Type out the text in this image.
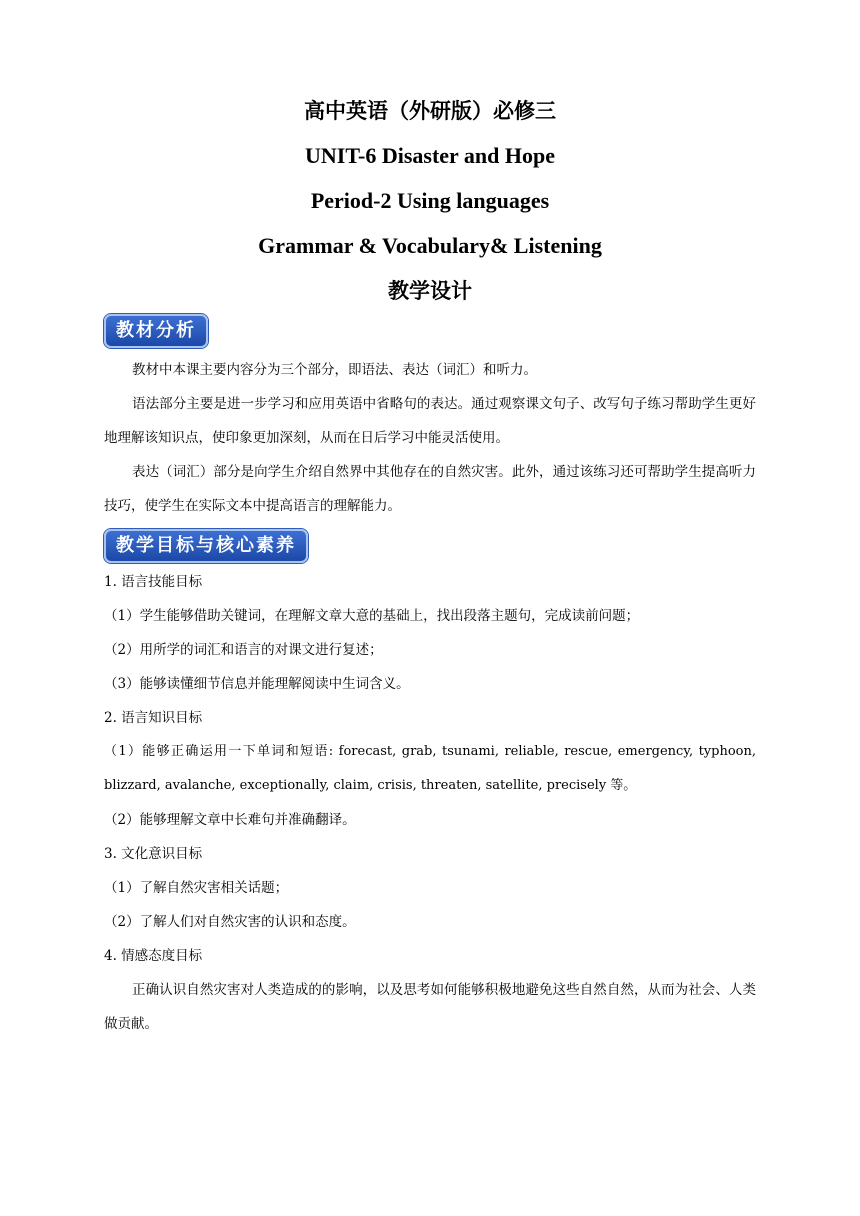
高中英语（外研版）必修三
UNIT-6 Disaster and Hope
Period-2 Using languages
Grammar & Vocabulary& Listening
教学设计
教材分析
教材中本课主要内容分为三个部分，即语法、表达（词汇）和听力。
语法部分主要是进一步学习和应用英语中省略句的表达。通过观察课文句子、改写句子练习帮助学生更好地理解该知识点，使印象更加深刻，从而在日后学习中能灵活使用。
表达（词汇）部分是向学生介绍自然界中其他存在的自然灾害。此外，通过该练习还可帮助学生提高听力技巧，使学生在实际文本中提高语言的理解能力。
教学目标与核心素养
1. 语言技能目标
（1）学生能够借助关键词，在理解文章大意的基础上，找出段落主题句，完成读前问题；
（2）用所学的词汇和语言的对课文进行复述；
（3）能够读懂细节信息并能理解阅读中生词含义。
2. 语言知识目标
（1）能够正确运用一下单词和短语: forecast, grab, tsunami, reliable, rescue, emergency, typhoon,
blizzard, avalanche, exceptionally, claim, crisis, threaten, satellite, precisely 等。
（2）能够理解文章中长难句并准确翻译。
3. 文化意识目标
（1）了解自然灾害相关话题；
（2）了解人们对自然灾害的认识和态度。
4. 情感态度目标
正确认识自然灾害对人类造成的的影响，以及思考如何能够积极地避免这些自然自然，从而为社会、人类做贡献。
